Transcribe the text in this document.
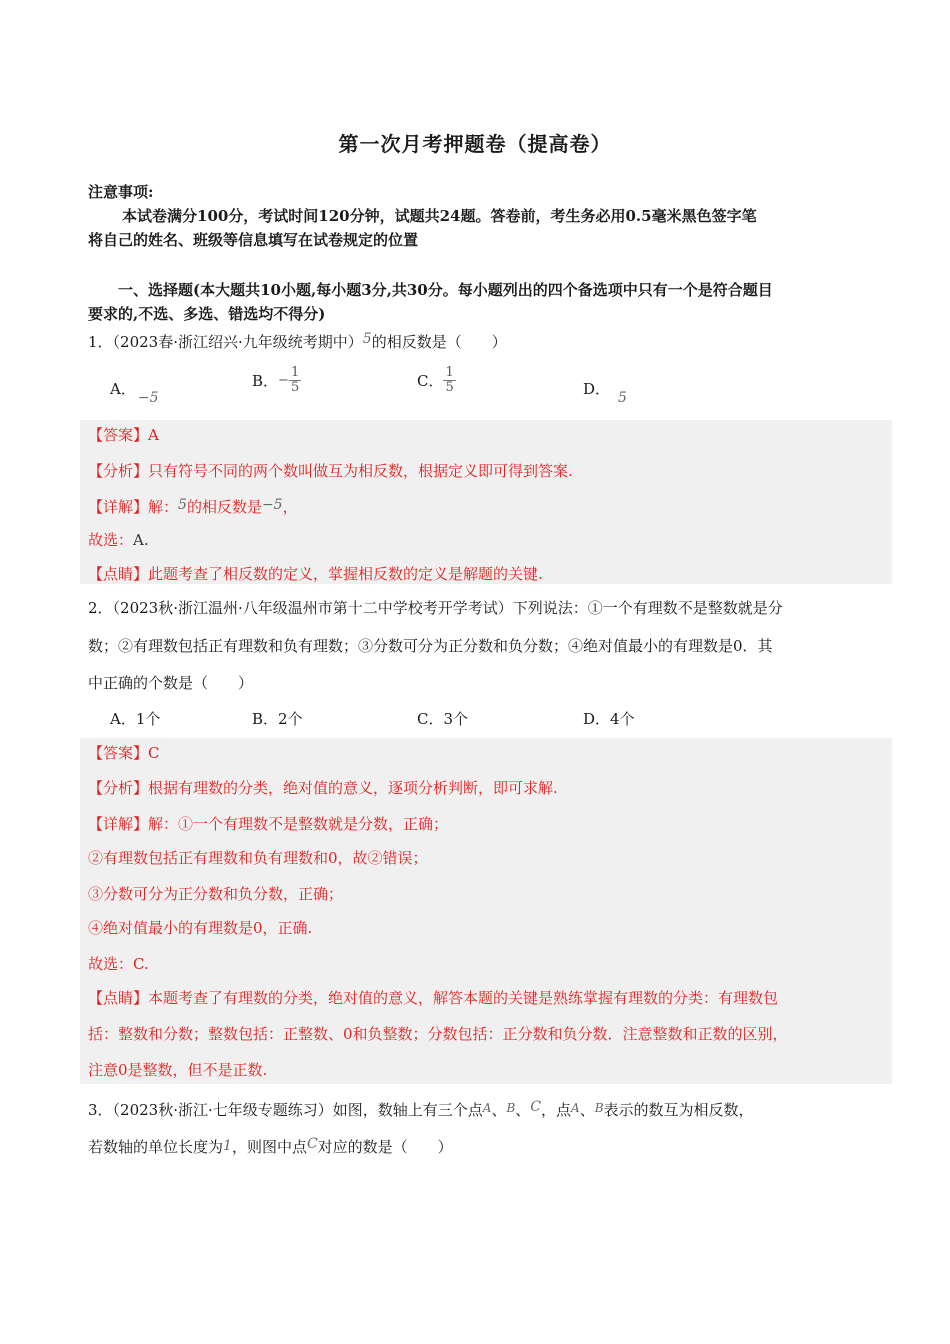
第一次月考押题卷（提高卷）
注意事项:
本试卷满分100分，考试时间120分钟，试题共24题。答卷前，考生务必用0.5毫米黑色签字笔
将自己的姓名、班级等信息填写在试卷规定的位置
一、选择题(本大题共10小题,每小题3分,共30分。每小题列出的四个备选项中只有一个是符合题目
要求的,不选、多选、错选均不得分)
1．（2023春·浙江绍兴·九年级统考期中）5的相反数是（　　）
A． −5
B．− $\frac{1}{5}$	C． $\frac{1}{5}$	D． 5
【答案】A
【分析】只有符号不同的两个数叫做互为相反数，根据定义即可得到答案.
【详解】解：5的相反数是−5，
故选：A.
【点睛】此题考查了相反数的定义，掌握相反数的定义是解题的关键.
2．（2023秋·浙江温州·八年级温州市第十二中学校考开学考试）下列说法：①一个有理数不是整数就是分
数；②有理数包括正有理数和负有理数；③分数可分为正分数和负分数；④绝对值最小的有理数是0．其
中正确的个数是（　　）
A．1个	B．2个	C．3个	D．4个
【答案】C
【分析】根据有理数的分类，绝对值的意义，逐项分析判断，即可求解.
【详解】解：①一个有理数不是整数就是分数，正确；
②有理数包括正有理数和负有理数和0，故②错误；
③分数可分为正分数和负分数，正确；
④绝对值最小的有理数是0，正确.
故选：C.
【点睛】本题考查了有理数的分类，绝对值的意义，解答本题的关键是熟练掌握有理数的分类：有理数包
括：整数和分数；整数包括：正整数、0和负整数；分数包括：正分数和负分数．注意整数和正数的区别，
注意0是整数，但不是正数.
3．（2023秋·浙江·七年级专题练习）如图，数轴上有三个点$^A$、$^B$、C，点$^A$、$^B$表示的数互为相反数，
若数轴的单位长度为1，则图中点C对应的数是（　　）
